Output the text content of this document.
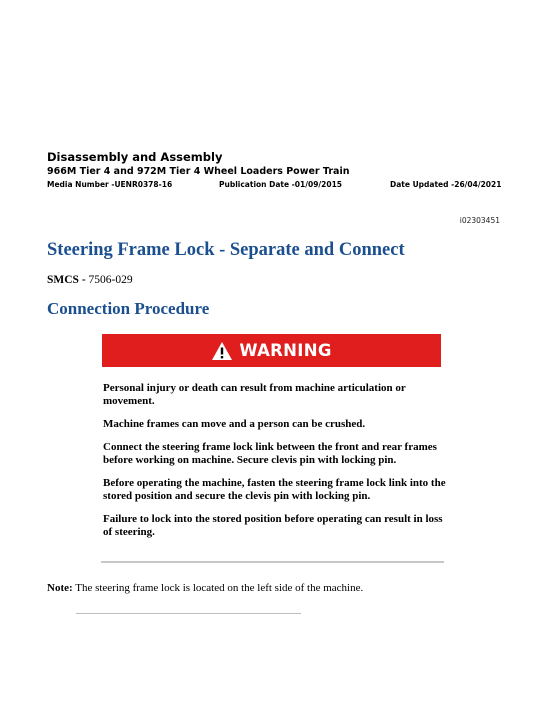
Disassembly and Assembly
966M Tier 4 and 972M Tier 4 Wheel Loaders Power Train
Media Number -UENR0378-16	Publication Date -01/09/2015	Date Updated -26/04/2021
i02303451
Steering Frame Lock - Separate and Connect
SMCS - 7506-029
Connection Procedure
WARNING

Personal injury or death can result from machine articulation or movement.

Machine frames can move and a person can be crushed.

Connect the steering frame lock link between the front and rear frames before working on machine. Secure clevis pin with locking pin.

Before operating the machine, fasten the steering frame lock link into the stored position and secure the clevis pin with locking pin.

Failure to lock into the stored position before operating can result in loss of steering.

Note: The steering frame lock is located on the left side of the machine.
